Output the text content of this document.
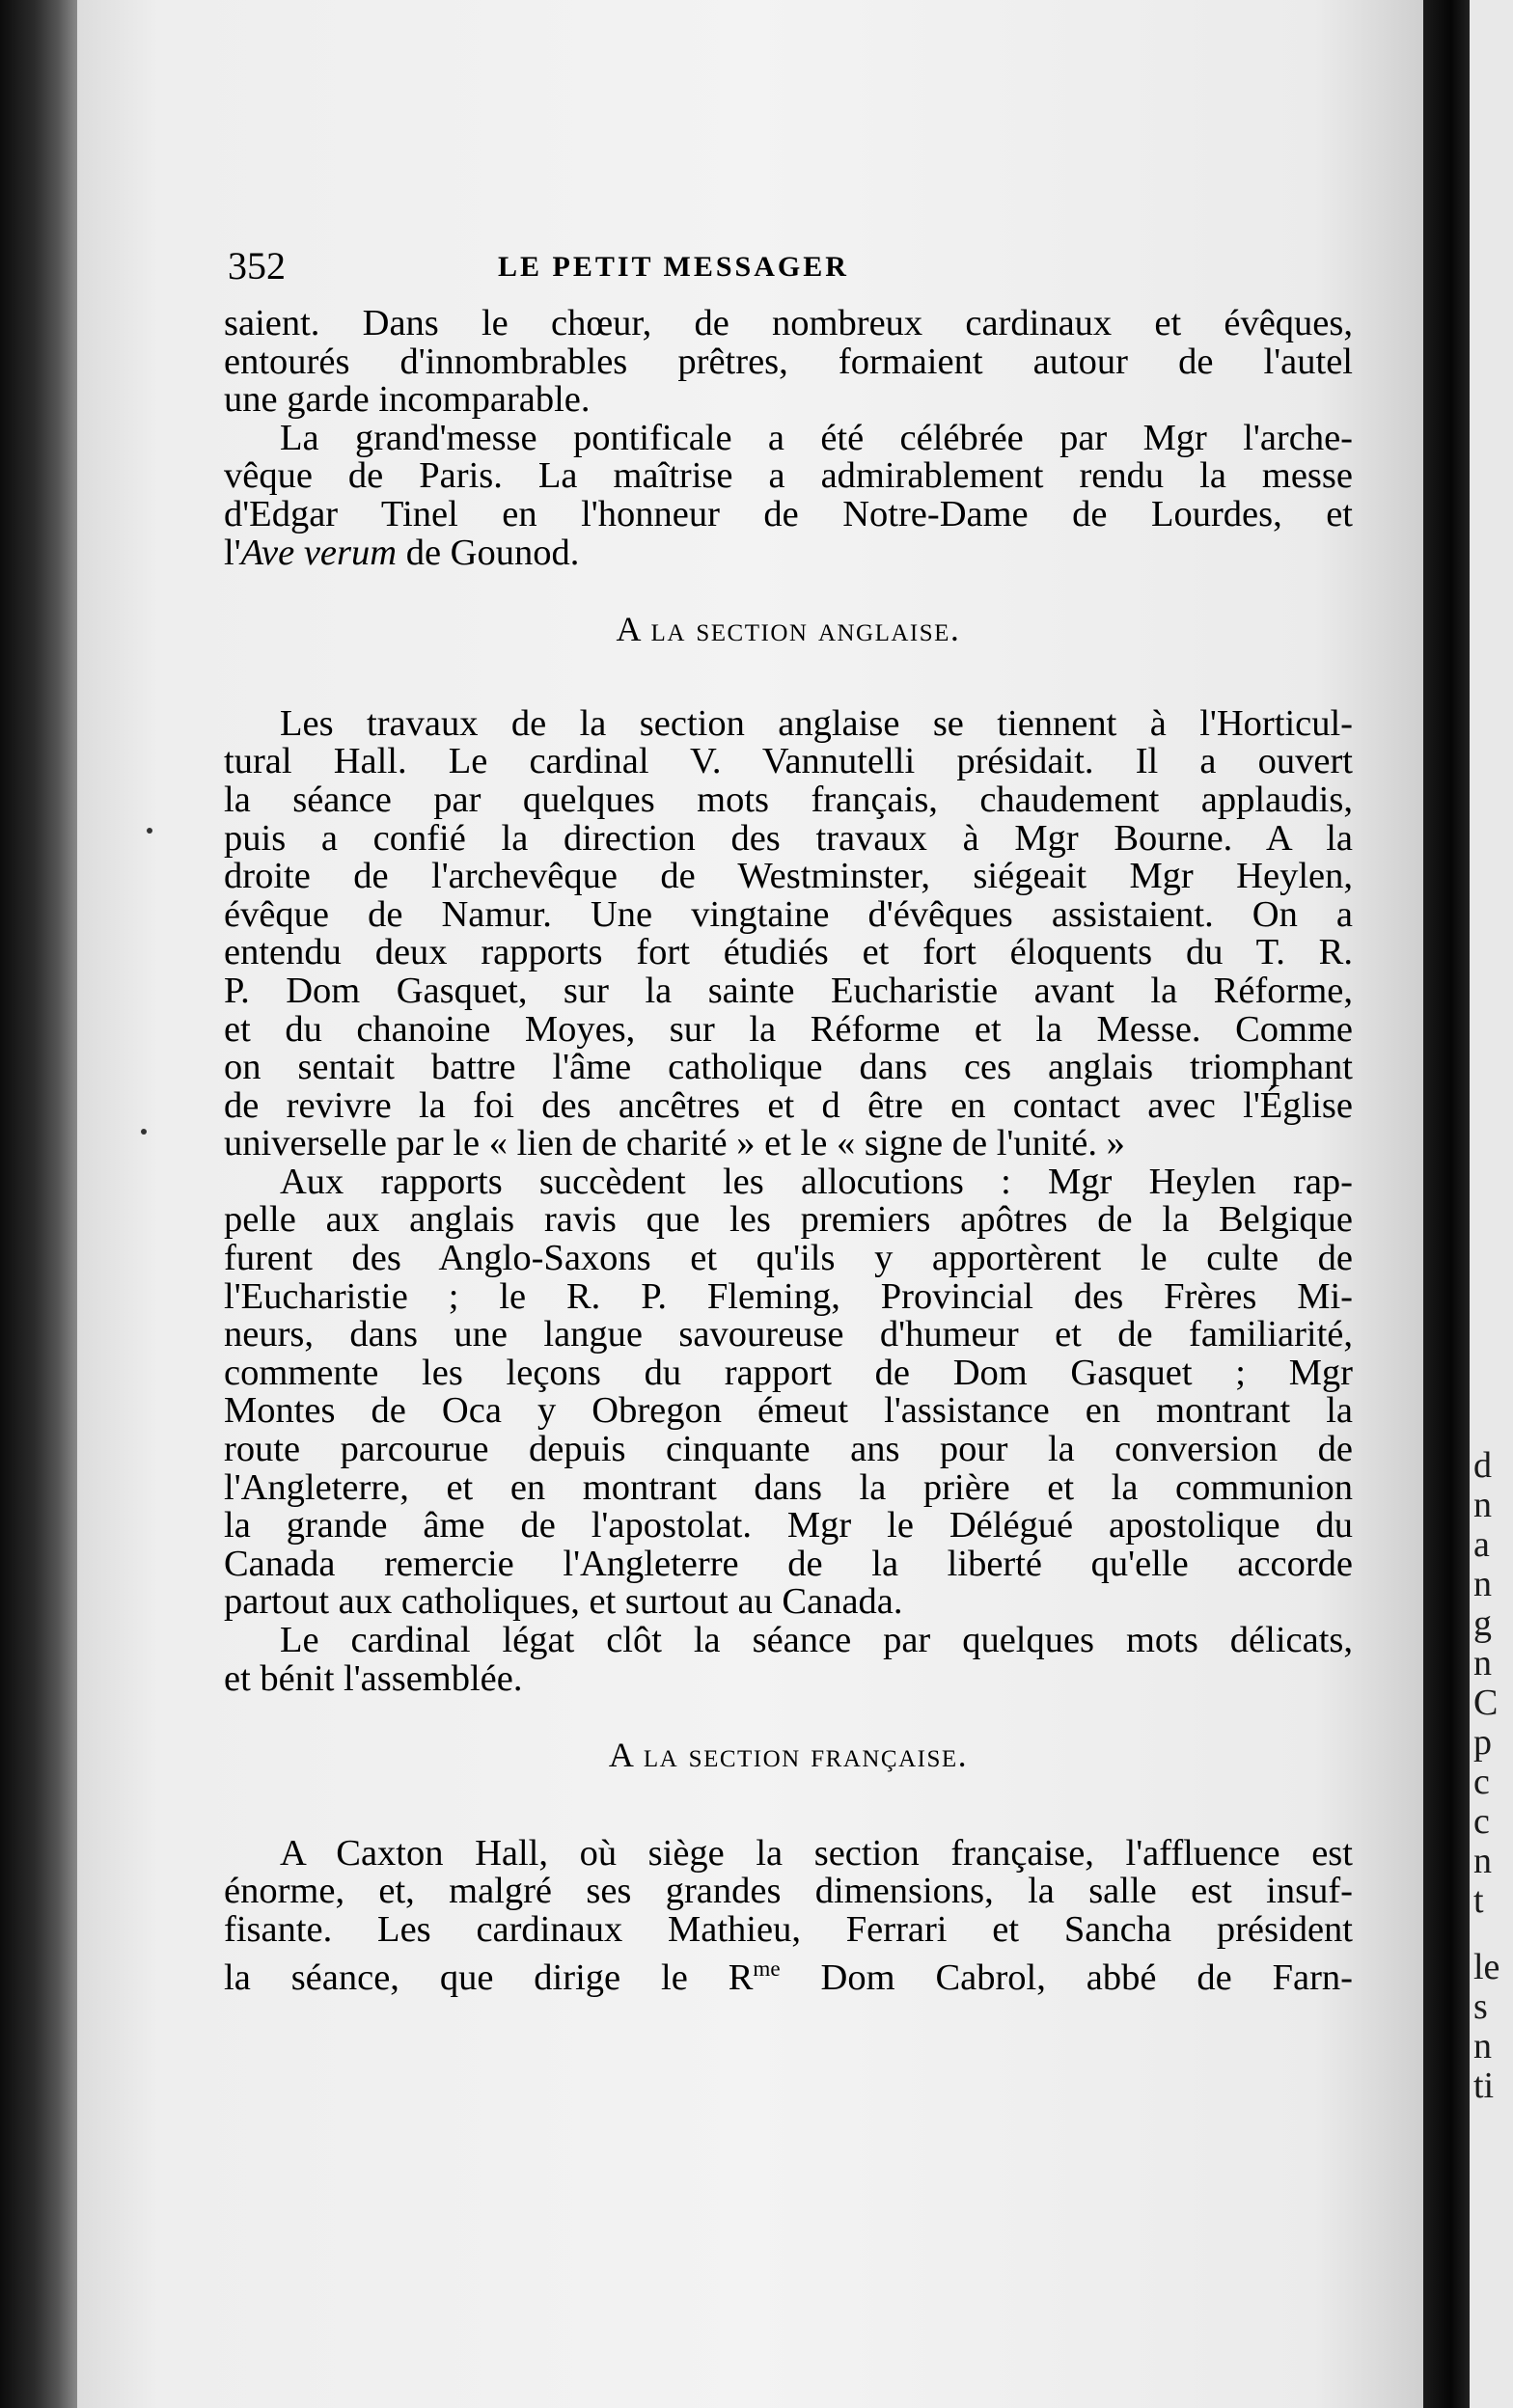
352	LE PETIT MESSAGER
saient. Dans le chœur, de nombreux cardinaux et évêques,
entourés d'innombrables prêtres, formaient autour de l'autel
une garde incomparable.
La grand'messe pontificale a été célébrée par Mgr l'arche-
vêque de Paris. La maîtrise a admirablement rendu la messe
d'Edgar Tinel en l'honneur de Notre-Dame de Lourdes, et
l'Ave verum de Gounod.
A la section anglaise.
Les travaux de la section anglaise se tiennent à l'Horticul-
tural Hall. Le cardinal V. Vannutelli présidait. Il a ouvert
la séance par quelques mots français, chaudement applaudis,
puis a confié la direction des travaux à Mgr Bourne. A la
droite de l'archevêque de Westminster, siégeait Mgr Heylen,
évêque de Namur. Une vingtaine d'évêques assistaient. On a
entendu deux rapports fort étudiés et fort éloquents du T. R.
P. Dom Gasquet, sur la sainte Eucharistie avant la Réforme,
et du chanoine Moyes, sur la Réforme et la Messe. Comme
on sentait battre l'âme catholique dans ces anglais triomphant
de revivre la foi des ancêtres et d être en contact avec l'Église
universelle par le « lien de charité » et le « signe de l'unité. »
Aux rapports succèdent les allocutions : Mgr Heylen rap-
pelle aux anglais ravis que les premiers apôtres de la Belgique
furent des Anglo-Saxons et qu'ils y apportèrent le culte de
l'Eucharistie ; le R. P. Fleming, Provincial des Frères Mi-
neurs, dans une langue savoureuse d'humeur et de familiarité,
commente les leçons du rapport de Dom Gasquet ; Mgr
Montes de Oca y Obregon émeut l'assistance en montrant la
route parcourue depuis cinquante ans pour la conversion de
l'Angleterre, et en montrant dans la prière et la communion
la grande âme de l'apostolat. Mgr le Délégué apostolique du
Canada remercie l'Angleterre de la liberté qu'elle accorde
partout aux catholiques, et surtout au Canada.
Le cardinal légat clôt la séance par quelques mots délicats,
et bénit l'assemblée.
A la section française.
A Caxton Hall, où siège la section française, l'affluence est
énorme, et, malgré ses grandes dimensions, la salle est insuf-
fisante. Les cardinaux Mathieu, Ferrari et Sancha président
la séance, que dirige le $R^{me}$ Dom Cabrol, abbé de Farn-
d
n
a
n
g
n
C
p
c
c
n
t
le
s
n
ti
